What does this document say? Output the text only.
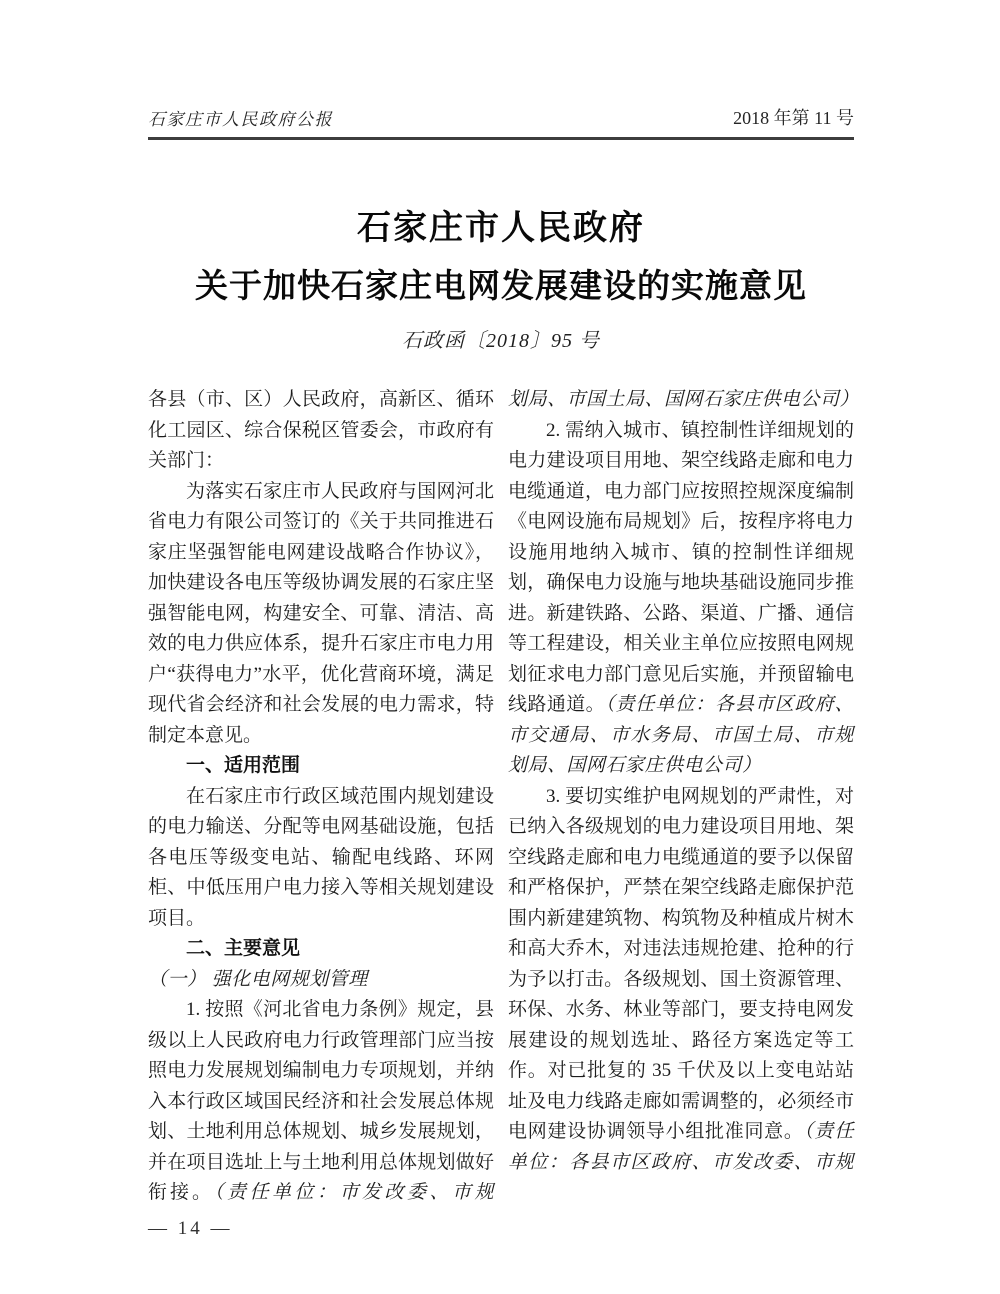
石家庄市人民政府公报	2018 年第 11 号
石家庄市人民政府
关于加快石家庄电网发展建设的实施意见
石政函〔2018〕95 号

各县（市、区）人民政府，高新区、循环化工园区、综合保税区管委会，市政府有关部门：

为落实石家庄市人民政府与国网河北省电力有限公司签订的《关于共同推进石家庄坚强智能电网建设战略合作协议》，加快建设各电压等级协调发展的石家庄坚强智能电网，构建安全、可靠、清洁、高效的电力供应体系，提升石家庄市电力用户“获得电力”水平，优化营商环境，满足现代省会经济和社会发展的电力需求，特制定本意见。

一、适用范围

在石家庄市行政区域范围内规划建设的电力输送、分配等电网基础设施，包括各电压等级变电站、输配电线路、环网柜、中低压用户电力接入等相关规划建设项目。

二、主要意见

（一） 强化电网规划管理

1. 按照《河北省电力条例》规定，县级以上人民政府电力行政管理部门应当按照电力发展规划编制电力专项规划，并纳入本行政区域国民经济和社会发展总体规划、土地利用总体规划、城乡发展规划，并在项目选址上与土地利用总体规划做好衔接。（责任单位：市发改委、市规

划局、市国土局、国网石家庄供电公司）

2. 需纳入城市、镇控制性详细规划的电力建设项目用地、架空线路走廊和电力电缆通道，电力部门应按照控规深度编制《电网设施布局规划》后，按程序将电力设施用地纳入城市、镇的控制性详细规划，确保电力设施与地块基础设施同步推进。新建铁路、公路、渠道、广播、通信等工程建设，相关业主单位应按照电网规划征求电力部门意见后实施，并预留输电线路通道。（责任单位：各县市区政府、市交通局、市水务局、市国土局、市规划局、国网石家庄供电公司）

3. 要切实维护电网规划的严肃性，对已纳入各级规划的电力建设项目用地、架空线路走廊和电力电缆通道的要予以保留和严格保护，严禁在架空线路走廊保护范围内新建建筑物、构筑物及种植成片树木和高大乔木，对违法违规抢建、抢种的行为予以打击。各级规划、国土资源管理、环保、水务、林业等部门，要支持电网发展建设的规划选址、路径方案选定等工作。对已批复的 35 千伏及以上变电站站址及电力线路走廊如需调整的，必须经市电网建设协调领导小组批准同意。（责任单位：各县市区政府、市发改委、市规

— 14 —
